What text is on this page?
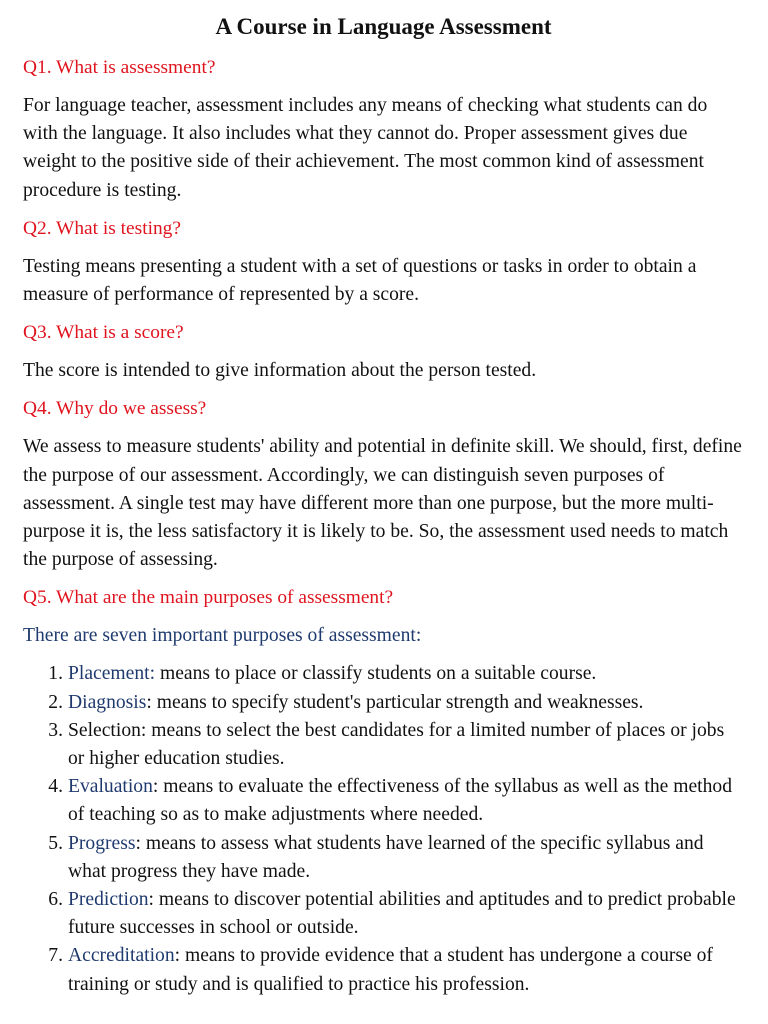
A Course in Language Assessment

Q1. What is assessment?

For language teacher, assessment includes any means of checking what students can do with the language. It also includes what they cannot do. Proper assessment gives due weight to the positive side of their achievement. The most common kind of assessment procedure is testing.

Q2. What is testing?

Testing means presenting a student with a set of questions or tasks in order to obtain a measure of performance of represented by a score.

Q3. What is a score?

The score is intended to give information about the person tested.

Q4. Why do we assess?

We assess to measure students' ability and potential in definite skill. We should, first, define the purpose of our assessment. Accordingly, we can distinguish seven purposes of assessment. A single test may have different more than one purpose, but the more multi-purpose it is, the less satisfactory it is likely to be. So, the assessment used needs to match the purpose of assessing.

Q5. What are the main purposes of assessment?

There are seven important purposes of assessment:

1. Placement: means to place or classify students on a suitable course.
2. Diagnosis: means to specify student's particular strength and weaknesses.
3. Selection: means to select the best candidates for a limited number of places or jobs or higher education studies.
4. Evaluation: means to evaluate the effectiveness of the syllabus as well as the method of teaching so as to make adjustments where needed.
5. Progress: means to assess what students have learned of the specific syllabus and what progress they have made.
6. Prediction: means to discover potential abilities and aptitudes and to predict probable future successes in school or outside.
7. Accreditation: means to provide evidence that a student has undergone a course of training or study and is qualified to practice his profession.
